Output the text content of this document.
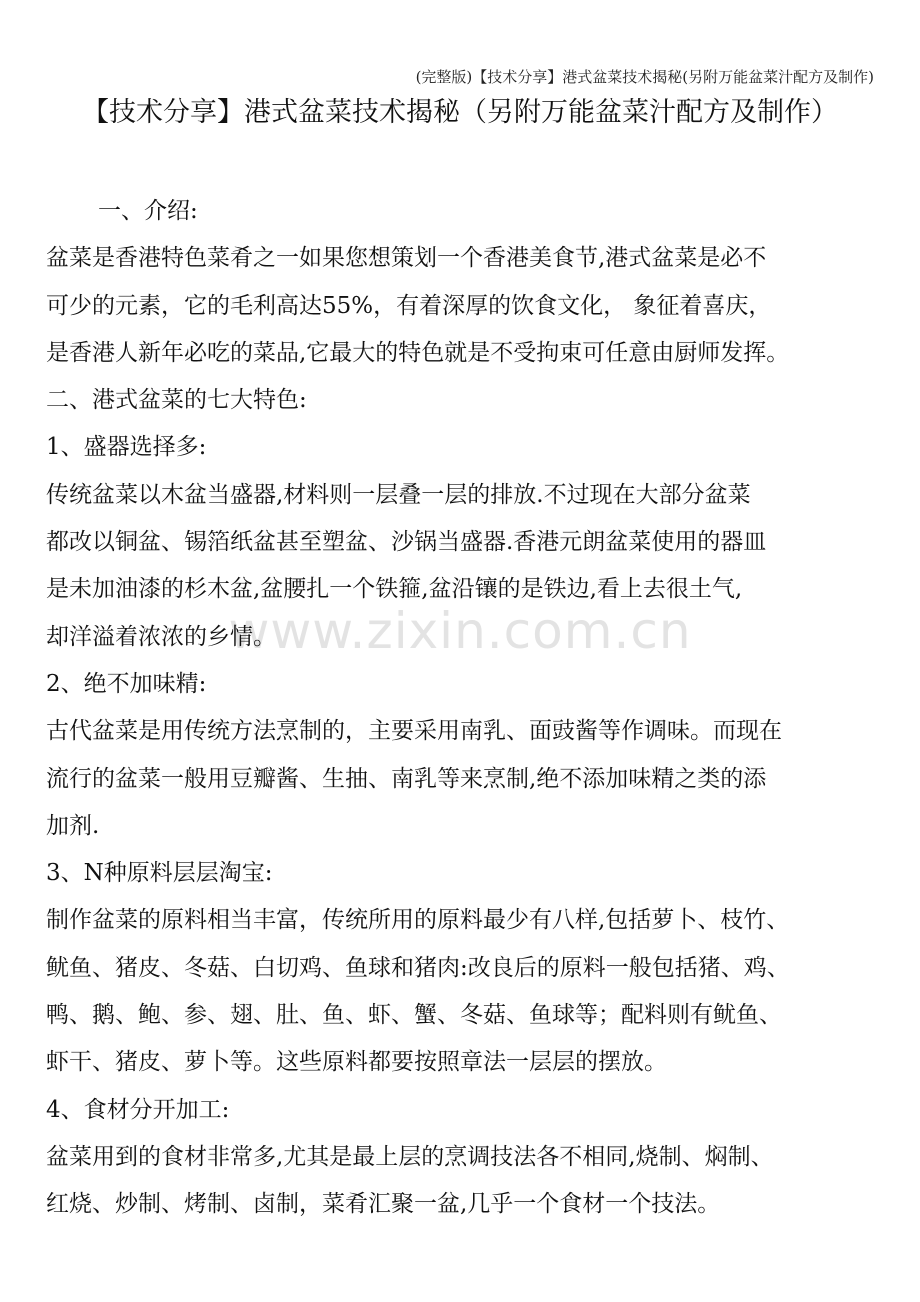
(完整版)【技术分享】港式盆菜技术揭秘(另附万能盆菜汁配方及制作)
【技术分享】港式盆菜技术揭秘（另附万能盆菜汁配方及制作）
www.zixin.com.cn
一、介绍:
盆菜是香港特色菜肴之一如果您想策划一个香港美食节,港式盆菜是必不
可少的元素，它的毛利高达55%，有着深厚的饮食文化， 象征着喜庆，
是香港人新年必吃的菜品,它最大的特色就是不受拘束可任意由厨师发挥。
二、港式盆菜的七大特色:
1、盛器选择多:
传统盆菜以木盆当盛器,材料则一层叠一层的排放.不过现在大部分盆菜
都改以铜盆、锡箔纸盆甚至塑盆、沙锅当盛器.香港元朗盆菜使用的器皿
是未加油漆的杉木盆,盆腰扎一个铁箍,盆沿镶的是铁边,看上去很土气,
却洋溢着浓浓的乡情。
2、绝不加味精:
古代盆菜是用传统方法烹制的，主要采用南乳、面豉酱等作调味。而现在
流行的盆菜一般用豆瓣酱、生抽、南乳等来烹制,绝不添加味精之类的添
加剂.
3、N种原料层层淘宝:
制作盆菜的原料相当丰富，传统所用的原料最少有八样,包括萝卜、枝竹、
鱿鱼、猪皮、冬菇、白切鸡、鱼球和猪肉:改良后的原料一般包括猪、鸡、
鸭、鹅、鲍、参、翅、肚、鱼、虾、蟹、冬菇、鱼球等；配料则有鱿鱼、
虾干、猪皮、萝卜等。这些原料都要按照章法一层层的摆放。
4、食材分开加工:
盆菜用到的食材非常多,尤其是最上层的烹调技法各不相同,烧制、焖制、
红烧、炒制、烤制、卤制，菜肴汇聚一盆,几乎一个食材一个技法。
